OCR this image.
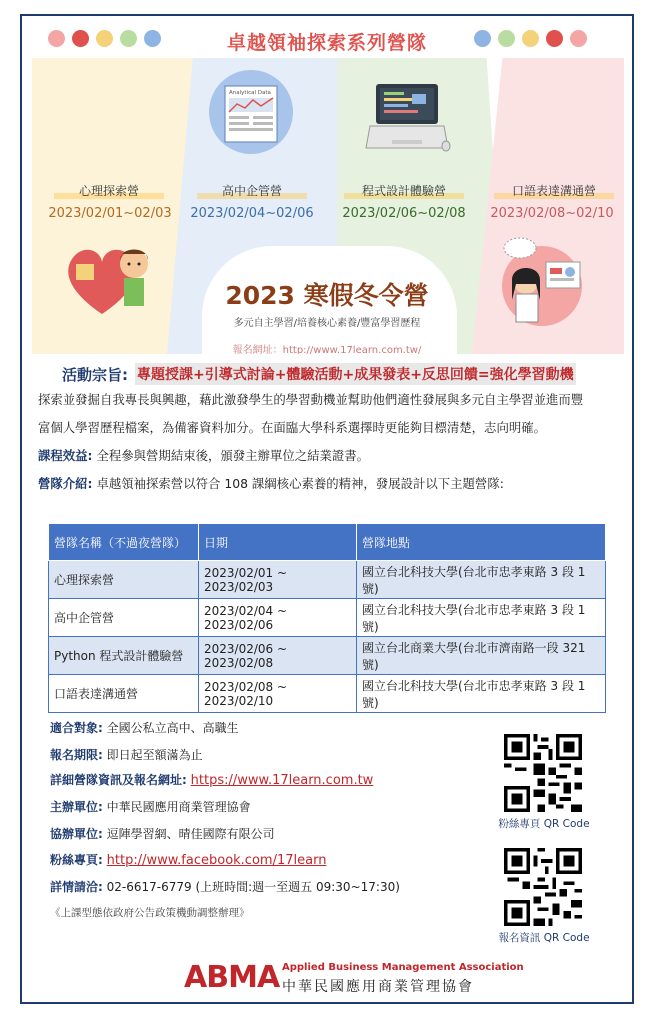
卓越領袖探索系列營隊
Analytical Data
心理探索營
2023/02/01~02/03
高中企管營
2023/02/04~02/06
程式設計體驗營
2023/02/06~02/08
口語表達溝通營
2023/02/08~02/10
2023 寒假冬令營
多元自主學習/培養核心素養/豐富學習歷程
報名網址：http://www.17learn.com.tw/
活動宗旨: 專題授課+引導式討論+體驗活動+成果發表+反思回饋=強化學習動機
探索並發掘自我專長與興趣，藉此激發學生的學習動機並幫助他們適性發展與多元自主學習並進而豐
富個人學習歷程檔案，為備審資料加分。在面臨大學科系選擇時更能夠目標清楚，志向明確。
課程效益: 全程參與營期結束後，頒發主辦單位之結業證書。
營隊介紹: 卓越領袖探索營以符合 108 課綱核心素養的精神，發展設計以下主題營隊:
營隊名稱（不過夜營隊）	日期	營隊地點
心理探索營	2023/02/01 ~ 2023/02/03	國立台北科技大學(台北市忠孝東路 3 段 1 號)
高中企管營	2023/02/04 ~ 2023/02/06	國立台北科技大學(台北市忠孝東路 3 段 1 號)
Python 程式設計體驗營	2023/02/06 ~ 2023/02/08	國立台北商業大學(台北市濟南路一段 321 號)
口語表達溝通營	2023/02/08 ~ 2023/02/10	國立台北科技大學(台北市忠孝東路 3 段 1 號)
適合對象: 全國公私立高中、高職生
報名期限: 即日起至額滿為止
詳細營隊資訊及報名網址: https://www.17learn.com.tw
主辦單位: 中華民國應用商業管理協會
協辦單位: 逗陣學習網、晴佳國際有限公司
粉絲專頁: http://www.facebook.com/17learn
詳情請洽: 02-6617-6779 (上班時間:週一至週五 09:30~17:30)
《上課型態依政府公告政策機動調整辦理》
粉絲專頁 QR Code
報名資訊 QR Code
ABMA Applied Business Management Association
中華民國應用商業管理協會
